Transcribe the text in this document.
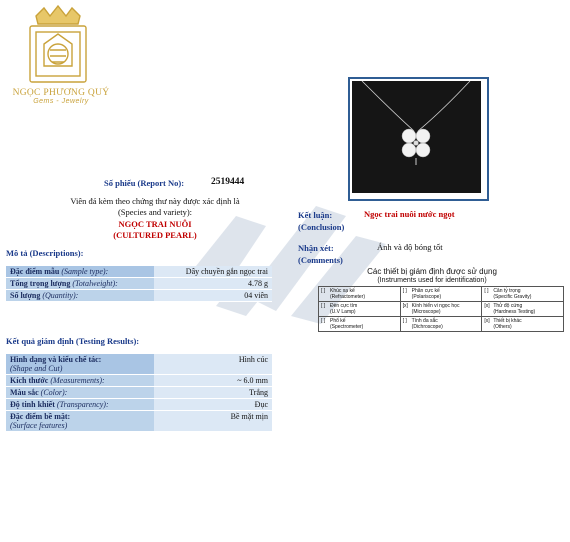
NGỌC PHƯƠNG QUÝ
Gems - Jewelry
Số phiếu (Report No):	2519444
Viên đá kèm theo chứng thư này được xác định là
(Species and variety):
NGỌC TRAI NUÔI
(CULTURED PEARL)
Mô tả (Descriptions):
Đặc điểm mẫu (Sample type):	Dây chuyền gắn ngọc trai
Tổng trọng lượng (Totalweight):	4.78 g
Số lượng (Quantity):	04 viên
Kết quả giám định (Testing Results):
Hình dạng và kiểu chế tác:
(Shape and Cut)	Hình cúc
Kích thước (Measurements):	~ 6.0 mm
Màu sắc (Color):	Trắng
Độ tinh khiết (Transparency):	Đục

Đặc điểm bề mặt:
(Surface features)	Bề mặt mịn
Kết luận:
(Conclusion)
Ngọc trai nuôi nước ngọt
Nhận xét:
(Comments)
Ánh và độ bóng tốt
Các thiết bị giám định được sử dụng
(Instruments used for identification)
[ ] Khúc xạ kế
(Refractometer)	[ ] Phân cực kế
(Polariscope)	[ ] Cân tỷ trọng
(Specific Gravity)
[ ] Đèn cực tím
(U.V Lamp)	[x] Kính hiển vi ngọc học
(Microscope)	[x] Thử độ cứng
(Hardness Testing)
[ ] Phổ kế
(Spectrometer)	[ ] Tính đa sắc
(Dichroscope)	[x] Thiết bị khác
(Others)
